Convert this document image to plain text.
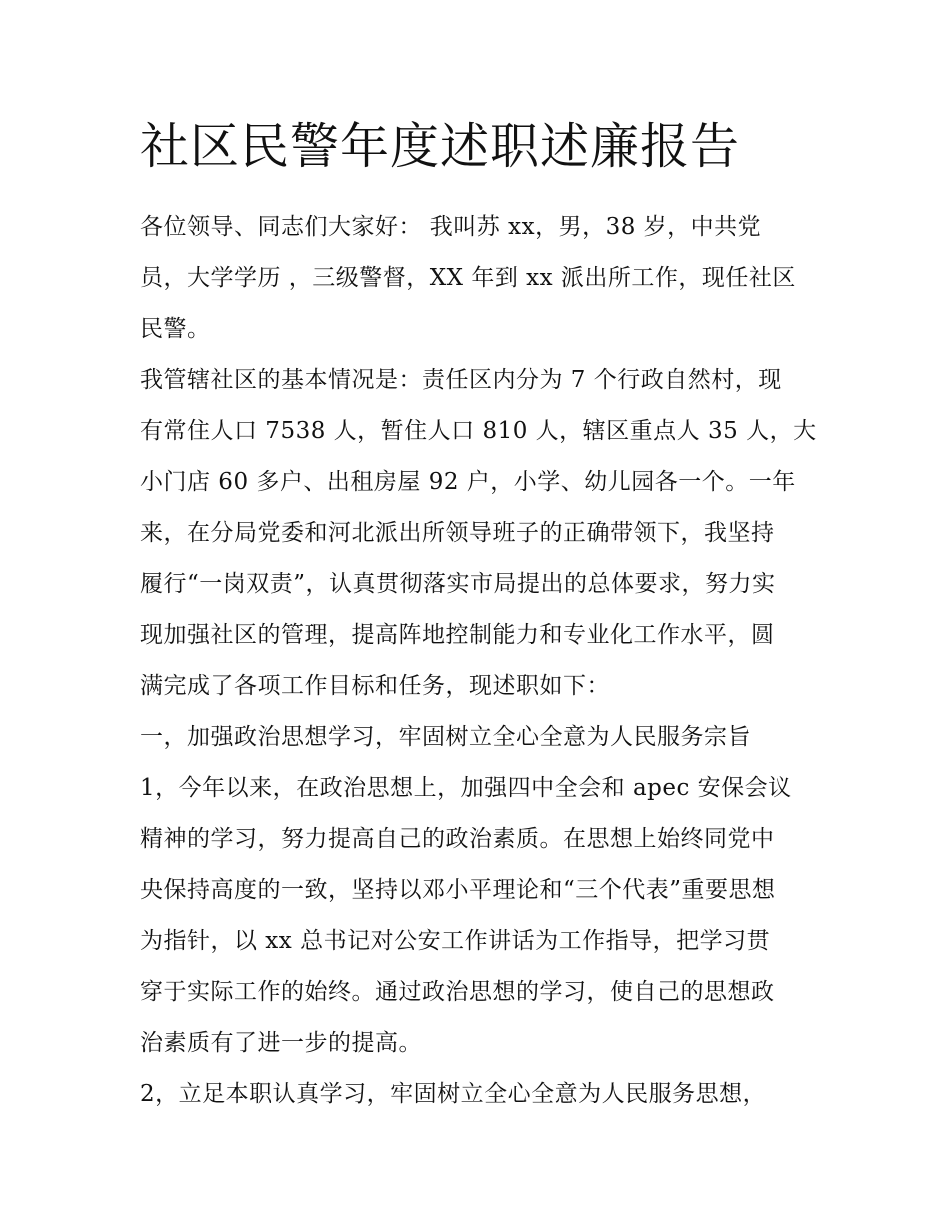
社区民警年度述职述廉报告

各位领导、同志们大家好： 我叫苏 xx，男，38 岁，中共党
员，大学学历 ，三级警督，XX 年到 xx 派出所工作，现任社区
民警。

我管辖社区的基本情况是：责任区内分为 7 个行政自然村，现
有常住人口 7538 人，暂住人口 810 人，辖区重点人 35 人，大
小门店 60 多户、出租房屋 92 户，小学、幼儿园各一个。一年
来，在分局党委和河北派出所领导班子的正确带领下，我坚持
履行“一岗双责”，认真贯彻落实市局提出的总体要求，努力实
现加强社区的管理，提高阵地控制能力和专业化工作水平，圆
满完成了各项工作目标和任务，现述职如下：

一，加强政治思想学习，牢固树立全心全意为人民服务宗旨

1，今年以来，在政治思想上，加强四中全会和 apec 安保会议
精神的学习，努力提高自己的政治素质。在思想上始终同党中
央保持高度的一致，坚持以邓小平理论和“三个代表”重要思想
为指针，以 xx 总书记对公安工作讲话为工作指导，把学习贯
穿于实际工作的始终。通过政治思想的学习，使自己的思想政
治素质有了进一步的提高。

2，立足本职认真学习，牢固树立全心全意为人民服务思想，
